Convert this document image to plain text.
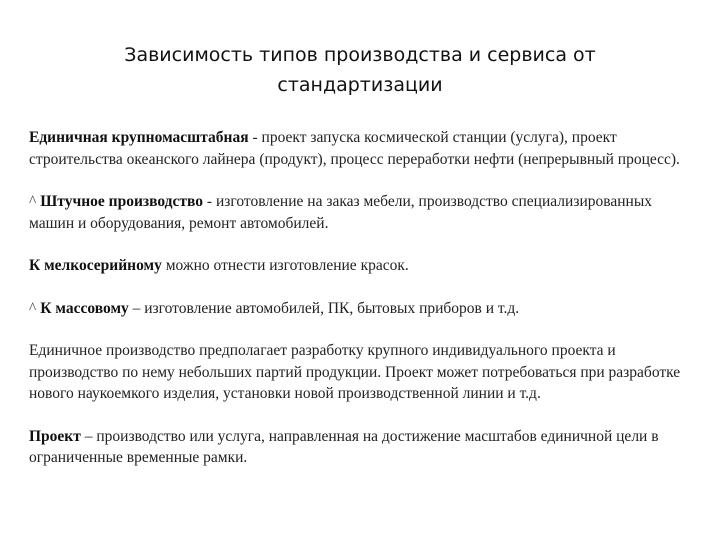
Зависимость типов производства и сервиса от
стандартизации

Единичная крупномасштабная - проект запуска космической станции (услуга), проект строительства океанского лайнера (продукт), процесс переработки нефти (непрерывный процесс).

^ Штучное производство - изготовление на заказ мебели, производство специализированных машин и оборудования, ремонт автомобилей.

К мелкосерийному можно отнести изготовление красок.

^ К массовому – изготовление автомобилей, ПК, бытовых приборов и т.д.

Единичное производство предполагает разработку крупного индивидуального проекта и производство по нему небольших партий продукции. Проект может потребоваться при разработке нового наукоемкого изделия, установки новой производственной линии и т.д.

Проект – производство или услуга, направленная на достижение масштабов единичной цели в ограниченные временные рамки.
